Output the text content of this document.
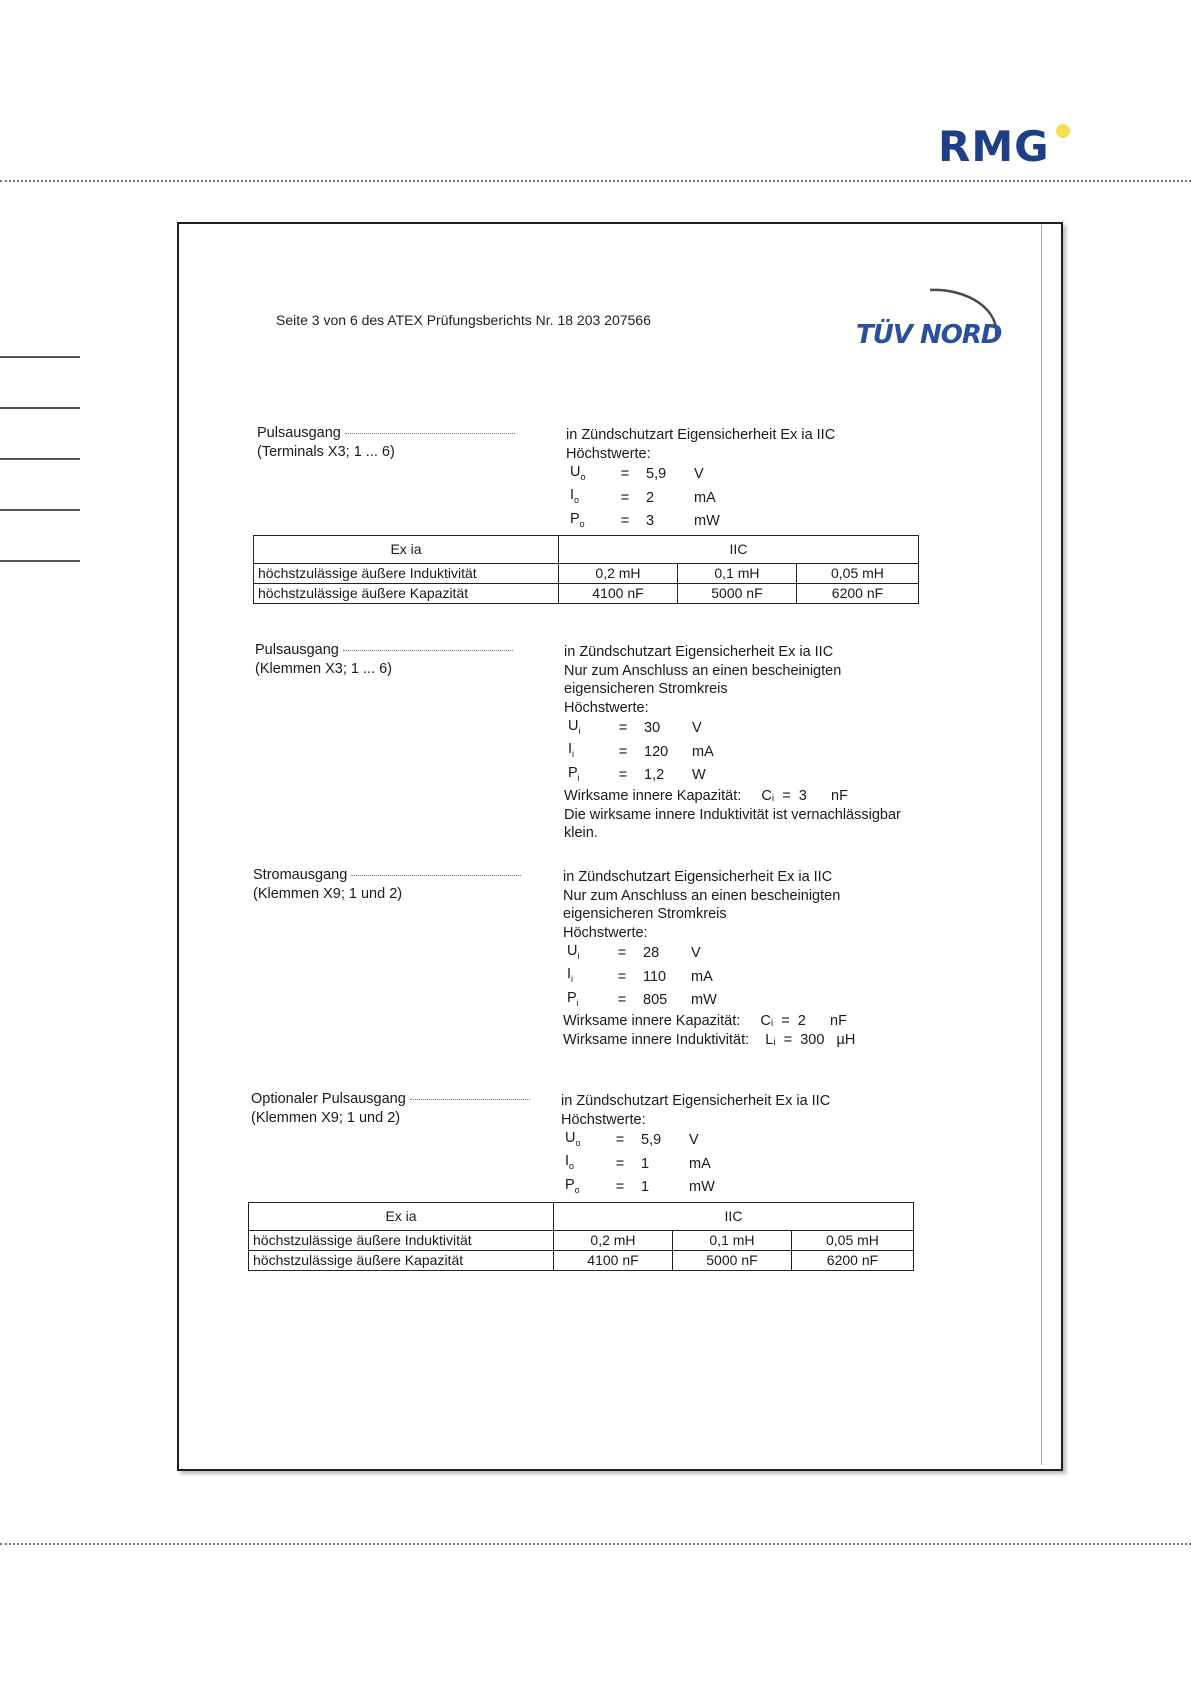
RMG
Seite 3 von 6 des ATEX Prüfungsberichts Nr. 18 203 207566	TÜV NORD
Pulsausgang
(Terminals X3; 1 ... 6)
in Zündschutzart Eigensicherheit Ex ia IIC
Höchstwerte:
$U_o$	=	5,9	V
$I_o$	=	2	mA
$P_o$	=	3	mW
Ex ia	IIC		
höchstzulässige äußere Induktivität	0,2 mH	0,1 mH	0,05 mH
höchstzulässige äußere Kapazität	4100 nF	5000 nF	6200 nF
Pulsausgang
(Klemmen X3; 1 ... 6)
in Zündschutzart Eigensicherheit Ex ia IIC
Nur zum Anschluss an einen bescheinigten
eigensicheren Stromkreis
Höchstwerte:
$U_i$	=	30	V
$I_i$	=	120	mA
$P_i$	=	1,2	W
Wirksame innere Kapazität:     Cᵢ  =  3      nF
Die wirksame innere Induktivität ist vernachlässigbar
klein.
Stromausgang
(Klemmen X9; 1 und 2)
in Zündschutzart Eigensicherheit Ex ia IIC
Nur zum Anschluss an einen bescheinigten
eigensicheren Stromkreis
Höchstwerte:
$U_i$	=	28	V
$I_i$	=	110	mA
$P_i$	=	805	mW
Wirksame innere Kapazität:     Cᵢ  =  2      nF
Wirksame innere Induktivität:    Lᵢ  =  300   µH
Optionaler Pulsausgang
(Klemmen X9; 1 und 2)
in Zündschutzart Eigensicherheit Ex ia IIC
Höchstwerte:
$U_o$	=	5,9	V
$I_o$	=	1	mA
$P_o$	=	1	mW
Ex ia	IIC		
höchstzulässige äußere Induktivität	0,2 mH	0,1 mH	0,05 mH
höchstzulässige äußere Kapazität	4100 nF	5000 nF	6200 nF
